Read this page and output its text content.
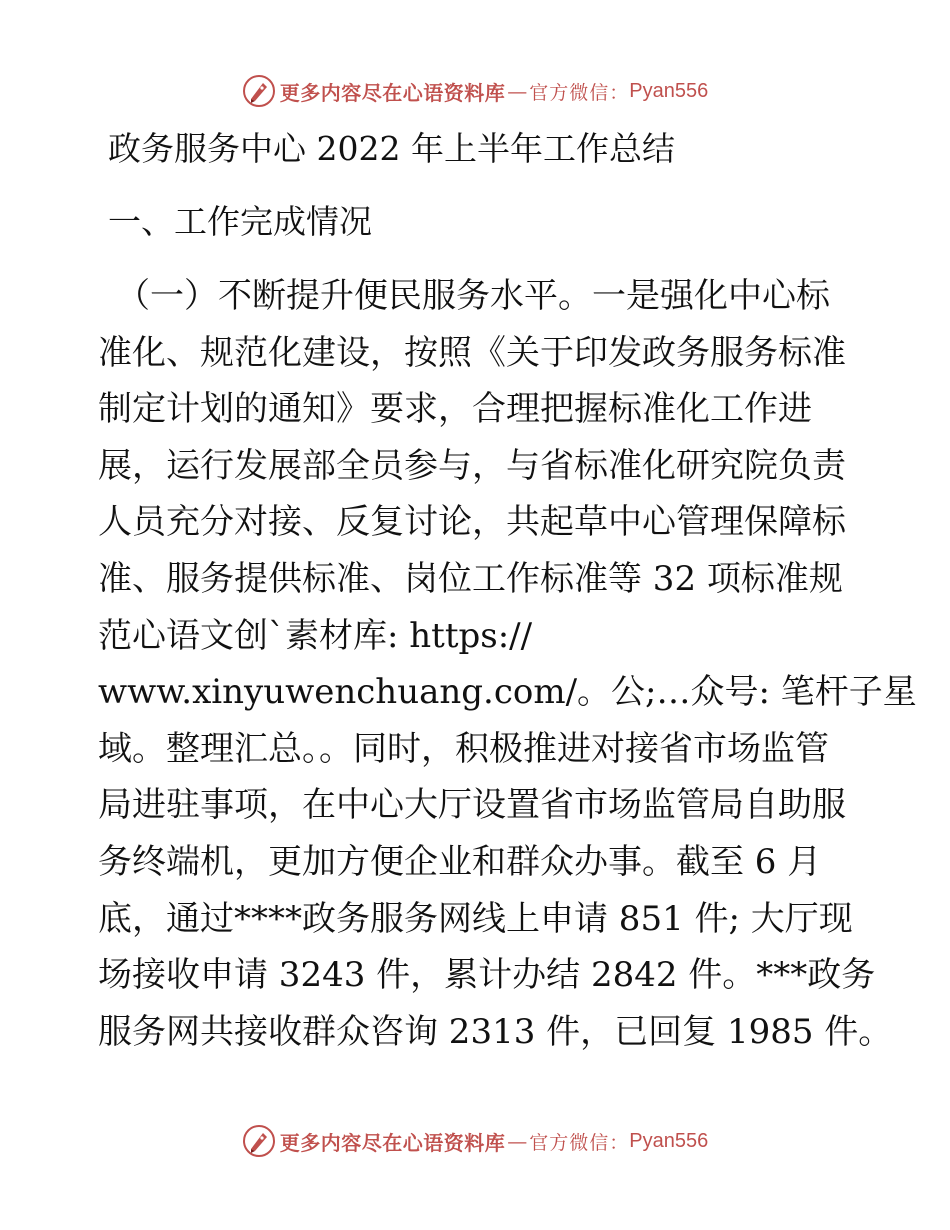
更多内容尽在心语资料库 — 官方微信： Pyan556
政务服务中心 2022 年上半年工作总结
一、工作完成情况
（一）不断提升便民服务水平。一是强化中心标
准化、规范化建设，按照《关于印发政务服务标准
制定计划的通知》要求，合理把握标准化工作进
展，运行发展部全员参与，与省标准化研究院负责
人员充分对接、反复讨论，共起草中心管理保障标
准、服务提供标准、岗位工作标准等 32 项标准规
范心语文创`素材库: https://
www.xinyuwenchuang.com/。公;…众号: 笔杆子星
域。整理汇总。。同时，积极推进对接省市场监管
局进驻事项，在中心大厅设置省市场监管局自助服
务终端机，更加方便企业和群众办事。截至 6 月
底，通过****政务服务网线上申请 851 件; 大厅现
场接收申请 3243 件，累计办结 2842 件。***政务
服务网共接收群众咨询 2313 件，已回复 1985 件。
更多内容尽在心语资料库 — 官方微信： Pyan556
